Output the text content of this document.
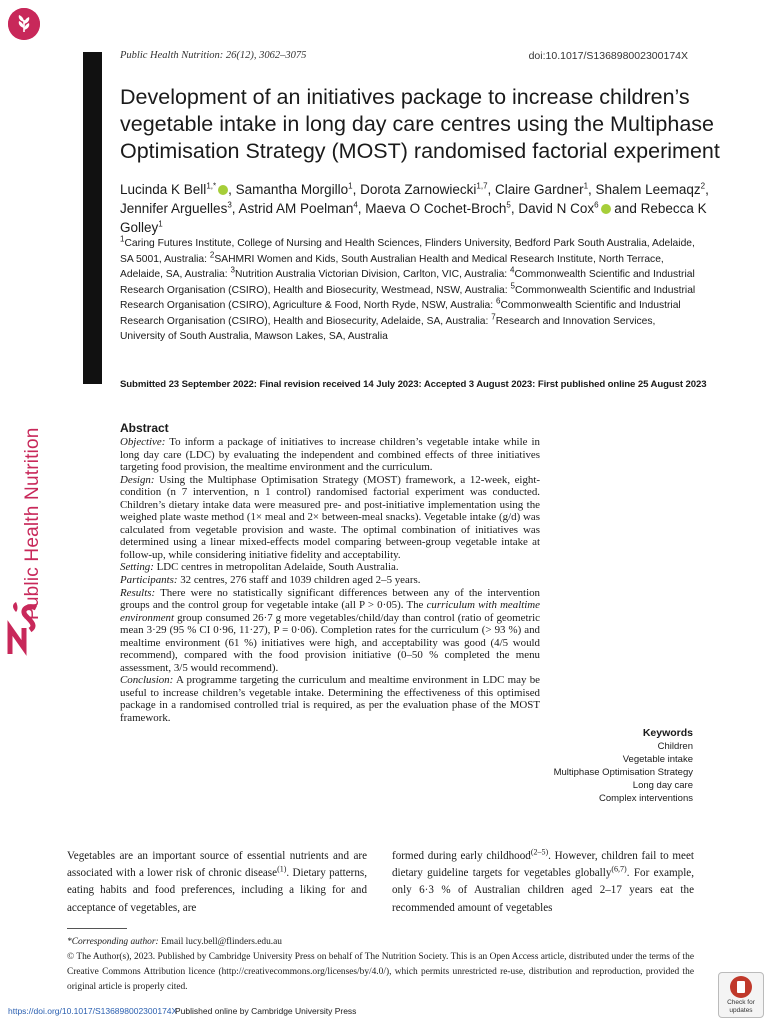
Public Health Nutrition
Public Health Nutrition: 26(12), 3062–3075	doi:10.1017/S136898002300174X
Development of an initiatives package to increase children’s vegetable intake in long day care centres using the Multiphase Optimisation Strategy (MOST) randomised factorial experiment
Lucinda K Bell$^{1,*}$ , Samantha Morgillo$^1$, Dorota Zarnowiecki$^{1,7}$, Claire Gardner$^1$, Shalem Leemaqz$^2$, Jennifer Arguelles$^3$, Astrid AM Poelman$^4$, Maeva O Cochet-Broch$^5$, David N Cox$^6$ and Rebecca K Golley$^1$
$^1$Caring Futures Institute, College of Nursing and Health Sciences, Flinders University, Bedford Park South Australia, Adelaide, SA 5001, Australia: $^2$SAHMRI Women and Kids, South Australian Health and Medical Research Institute, North Terrace, Adelaide, SA, Australia: $^3$Nutrition Australia Victorian Division, Carlton, VIC, Australia: $^4$Commonwealth Scientific and Industrial Research Organisation (CSIRO), Health and Biosecurity, Westmead, NSW, Australia: $^5$Commonwealth Scientific and Industrial Research Organisation (CSIRO), Agriculture & Food, North Ryde, NSW, Australia: $^6$Commonwealth Scientific and Industrial Research Organisation (CSIRO), Health and Biosecurity, Adelaide, SA, Australia: $^7$Research and Innovation Services, University of South Australia, Mawson Lakes, SA, Australia
Submitted 23 September 2022: Final revision received 14 July 2023: Accepted 3 August 2023: First published online 25 August 2023
Abstract

Objective: To inform a package of initiatives to increase children’s vegetable intake while in long day care (LDC) by evaluating the independent and combined effects of three initiatives targeting food provision, the mealtime environment and the curriculum.

Design: Using the Multiphase Optimisation Strategy (MOST) framework, a 12-week, eight-condition (n 7 intervention, n 1 control) randomised factorial experiment was conducted. Children’s dietary intake data were measured pre- and post-initiative implementation using the weighed plate waste method (1× meal and 2× between-meal snacks). Vegetable intake (g/d) was calculated from vegetable provision and waste. The optimal combination of initiatives was determined using a linear mixed-effects model comparing between-group vegetable intake at follow-up, while considering initiative fidelity and acceptability.

Setting: LDC centres in metropolitan Adelaide, South Australia.

Participants: 32 centres, 276 staff and 1039 children aged 2–5 years.

Results: There were no statistically significant differences between any of the intervention groups and the control group for vegetable intake (all P > 0·05). The curriculum with mealtime environment group consumed 26·7 g more vegetables/child/day than control (ratio of geometric mean 3·29 (95 % CI 0·96, 11·27), P = 0·06). Completion rates for the curriculum (> 93 %) and mealtime environment (61 %) initiatives were high, and acceptability was good (4/5 would recommend), compared with the food provision initiative (0–50 % completed the menu assessment, 3/5 would recommend).

Conclusion: A programme targeting the curriculum and mealtime environment in LDC may be useful to increase children’s vegetable intake. Determining the effectiveness of this optimised package in a randomised controlled trial is required, as per the evaluation phase of the MOST framework.

Keywords
Children
Vegetable intake
Multiphase Optimisation Strategy
Long day care
Complex interventions
Vegetables are an important source of essential nutrients and are associated with a lower risk of chronic disease$^{(1)}$. Dietary patterns, eating habits and food preferences, including a liking for and acceptance of vegetables, are
formed during early childhood$^{(2-5)}$. However, children fail to meet dietary guideline targets for vegetables globally$^{(6,7)}$. For example, only 6·3 % of Australian children aged 2–17 years eat the recommended amount of vegetables

*Corresponding author: Email lucy.bell@flinders.edu.au

© The Author(s), 2023. Published by Cambridge University Press on behalf of The Nutrition Society. This is an Open Access article, distributed under the terms of the Creative Commons Attribution licence (http://creativecommons.org/licenses/by/4.0/), which permits unrestricted re-use, distribution and reproduction, provided the original article is properly cited.

https://doi.org/10.1017/S136898002300174X
Published online by Cambridge University Press
Check for
updates
